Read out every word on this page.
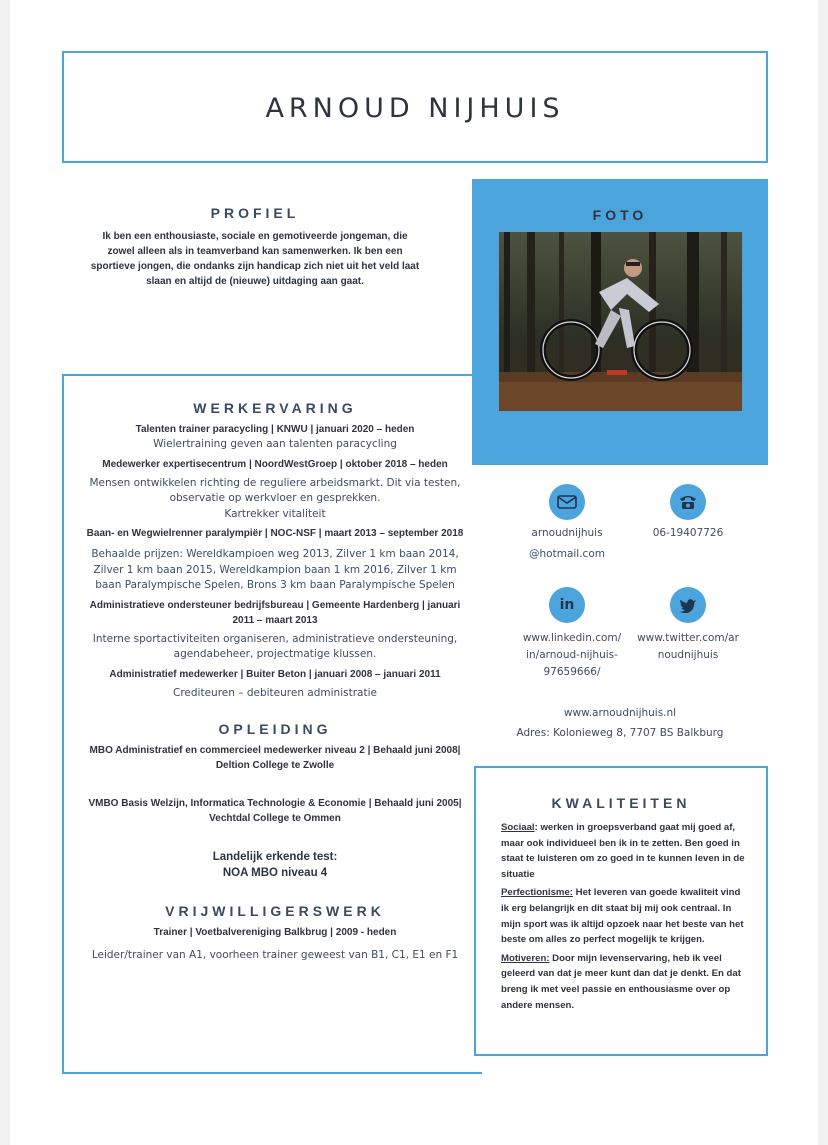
ARNOUD NIJHUIS
PROFIEL

Ik ben een enthousiaste, sociale en gemotiveerde jongeman, die zowel alleen als in teamverband kan samenwerken. Ik ben een sportieve jongen, die ondanks zijn handicap zich niet uit het veld laat slaan en altijd de (nieuwe) uitdaging aan gaat.

FOTO
WERKERVARING

Talenten trainer paracycling | KNWU | januari 2020 – heden

Wielertraining geven aan talenten paracycling

Medewerker expertisecentrum | NoordWestGroep | oktober 2018 – heden

Mensen ontwikkelen richting de reguliere arbeidsmarkt. Dit via testen, observatie op werkvloer en gesprekken.

Kartrekker vitaliteit

Baan- en Wegwielrenner paralympiër | NOC-NSF | maart 2013 – september 2018

Behaalde prijzen: Wereldkampioen weg 2013, Zilver 1 km baan 2014, Zilver 1 km baan 2015, Wereldkampion baan 1 km 2016, Zilver 1 km baan Paralympische Spelen, Brons 3 km baan Paralympische Spelen

Administratieve ondersteuner bedrijfsbureau | Gemeente Hardenberg | januari 2011 – maart 2013

Interne sportactiviteiten organiseren, administratieve ondersteuning, agendabeheer, projectmatige klussen.

Administratief medewerker | Buiter Beton | januari 2008 – januari 2011

Crediteuren – debiteuren administratie

OPLEIDING

MBO Administratief en commercieel medewerker niveau 2 | Behaald juni 2008| Deltion College te Zwolle

VMBO Basis Welzijn, Informatica Technologie & Economie | Behaald juni 2005| Vechtdal College te Ommen

Landelijk erkende test:

NOA MBO niveau 4

VRIJWILLIGERSWERK

Trainer | Voetbalvereniging Balkbrug | 2009 - heden

Leider/trainer van A1, voorheen trainer geweest van B1, C1, E1 en F1

arnoudnijhuis
@hotmail.com
06-19407726
in
www.linkedin.com/
in/arnoud-nijhuis-
97659666/
www.twitter.com/ar
noudnijhuis
www.arnoudnijhuis.nl
Adres: Kolonieweg 8, 7707 BS Balkburg
KWALITEITEN

Sociaal: werken in groepsverband gaat mij goed af, maar ook individueel ben ik in te zetten. Ben goed in staat te luisteren om zo goed in te kunnen leven in de situatie

Perfectionisme: Het leveren van goede kwaliteit vind ik erg belangrijk en dit staat bij mij ook centraal. In mijn sport was ik altijd opzoek naar het beste van het beste om alles zo perfect mogelijk te krijgen.

Motiveren: Door mijn levenservaring, heb ik veel geleerd van dat je meer kunt dan dat je denkt. En dat breng ik met veel passie en enthousiasme over op andere mensen.
